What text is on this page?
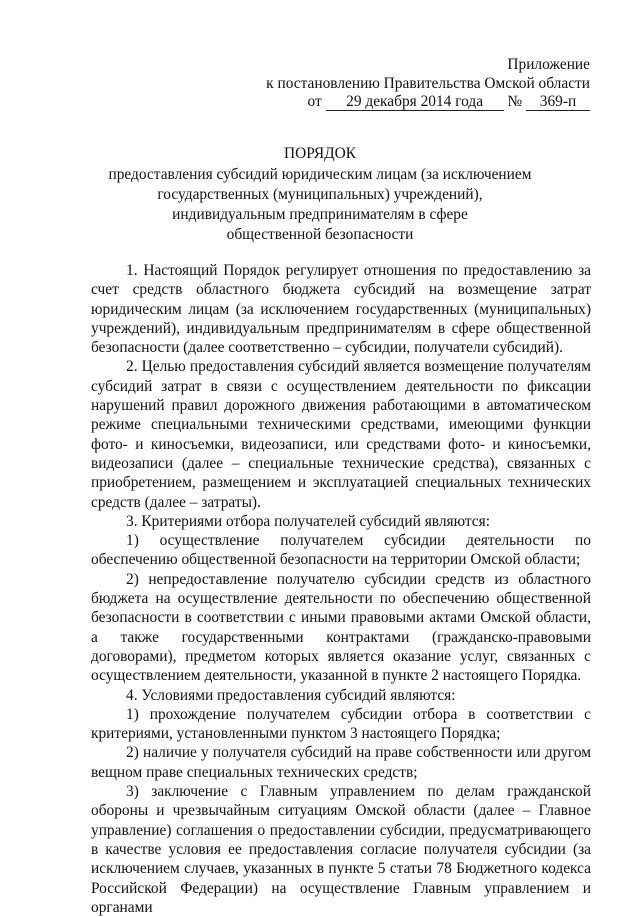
Приложение
к постановлению Правительства Омской области
от 29 декабря 2014 года № 369-п
ПОРЯДОК
предоставления субсидий юридическим лицам (за исключением
государственных (муниципальных) учреждений),
индивидуальным предпринимателям в сфере
общественной безопасности

1. Настоящий Порядок регулирует отношения по предоставлению за счет средств областного бюджета субсидий на возмещение затрат юридическим лицам (за исключением государственных (муниципальных) учреждений), индивидуальным предпринимателям в сфере общественной безопасности (далее соответственно – субсидии, получатели субсидий).

2. Целью предоставления субсидий является возмещение получателям субсидий затрат в связи с осуществлением деятельности по фиксации нарушений правил дорожного движения работающими в автоматическом режиме специальными техническими средствами, имеющими функции фото- и киносъемки, видеозаписи, или средствами фото- и киносъемки, видеозаписи (далее – специальные технические средства), связанных с приобретением, размещением и эксплуатацией специальных технических средств (далее – затраты).

3. Критериями отбора получателей субсидий являются:

1) осуществление получателем субсидии деятельности по обеспечению общественной безопасности на территории Омской области;

2) непредоставление получателю субсидии средств из областного бюджета на осуществление деятельности по обеспечению общественной безопасности в соответствии с иными правовыми актами Омской области, а также государственными контрактами (гражданско-правовыми договорами), предметом которых является оказание услуг, связанных с осуществлением деятельности, указанной в пункте 2 настоящего Порядка.

4. Условиями предоставления субсидий являются:

1) прохождение получателем субсидии отбора в соответствии с критериями, установленными пунктом 3 настоящего Порядка;

2) наличие у получателя субсидий на праве собственности или другом вещном праве специальных технических средств;

3) заключение с Главным управлением по делам гражданской обороны и чрезвычайным ситуациям Омской области (далее – Главное управление) соглашения о предоставлении субсидии, предусматривающего в качестве условия ее предоставления согласие получателя субсидии (за исключением случаев, указанных в пункте 5 статьи 78 Бюджетного кодекса Российской Федерации) на осуществление Главным управлением и органами
